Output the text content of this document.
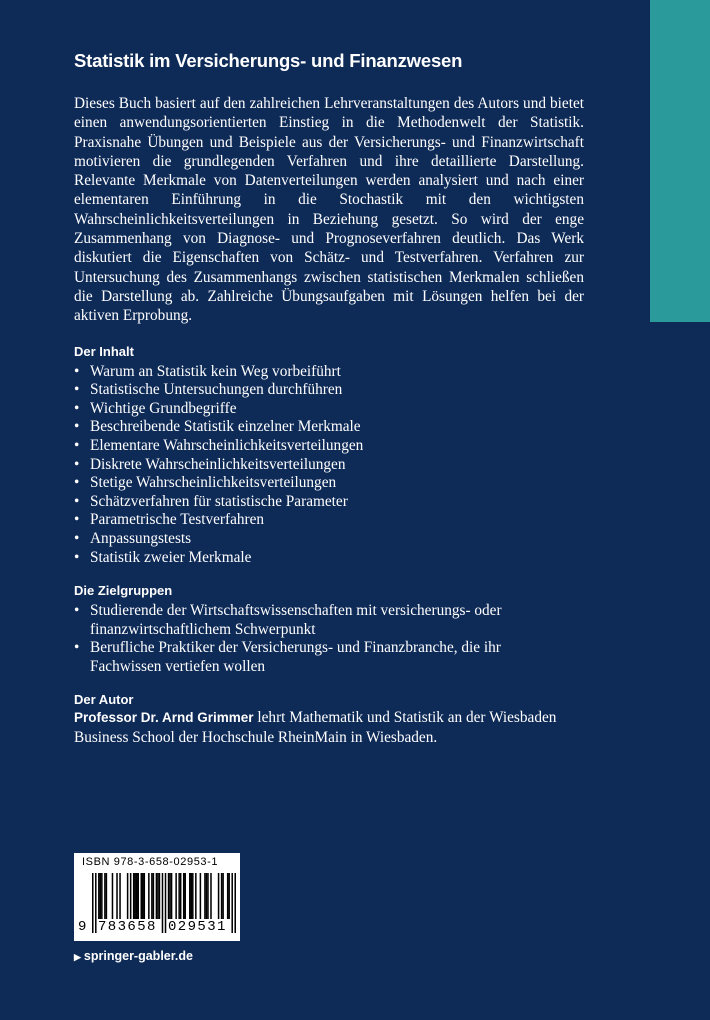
Statistik im Versicherungs- und Finanzwesen

Dieses Buch basiert auf den zahlreichen Lehrveranstaltungen des Autors und bietet einen anwendungsorientierten Einstieg in die Methodenwelt der Statistik. Praxisnahe Übungen und Beispiele aus der Versicherungs- und Finanzwirtschaft motivieren die grundlegenden Verfahren und ihre detaillierte Darstellung. Relevante Merkmale von Datenverteilungen werden analysiert und nach einer elementaren Einführung in die Stochastik mit den wichtigsten Wahrscheinlichkeitsverteilungen in Beziehung gesetzt. So wird der enge Zusammenhang von Diagnose- und Prognoseverfahren deutlich. Das Werk diskutiert die Eigenschaften von Schätz- und Testverfahren. Verfahren zur Untersuchung des Zusammenhangs zwischen statistischen Merkmalen schließen die Darstellung ab. Zahlreiche Übungsaufgaben mit Lösungen helfen bei der aktiven Erprobung.

Der Inhalt
• Warum an Statistik kein Weg vorbeiführt
• Statistische Untersuchungen durchführen
• Wichtige Grundbegriffe
• Beschreibende Statistik einzelner Merkmale
• Elementare Wahrscheinlichkeitsverteilungen
• Diskrete Wahrscheinlichkeitsverteilungen
• Stetige Wahrscheinlichkeitsverteilungen
• Schätzverfahren für statistische Parameter
• Parametrische Testverfahren
• Anpassungstests
• Statistik zweier Merkmale
Die Zielgruppen
• Studierende der Wirtschaftswissenschaften mit versicherungs- oder finanzwirtschaftlichem Schwerpunkt
• Berufliche Praktiker der Versicherungs- und Finanzbranche, die ihr Fachwissen vertiefen wollen
Der Autor

Professor Dr. Arnd Grimmer lehrt Mathematik und Statistik an der Wiesbaden Business School der Hochschule RheinMain in Wiesbaden.

ISBN 978-3-658-02953-1
9 783658 029531
▶ springer-gabler.de
